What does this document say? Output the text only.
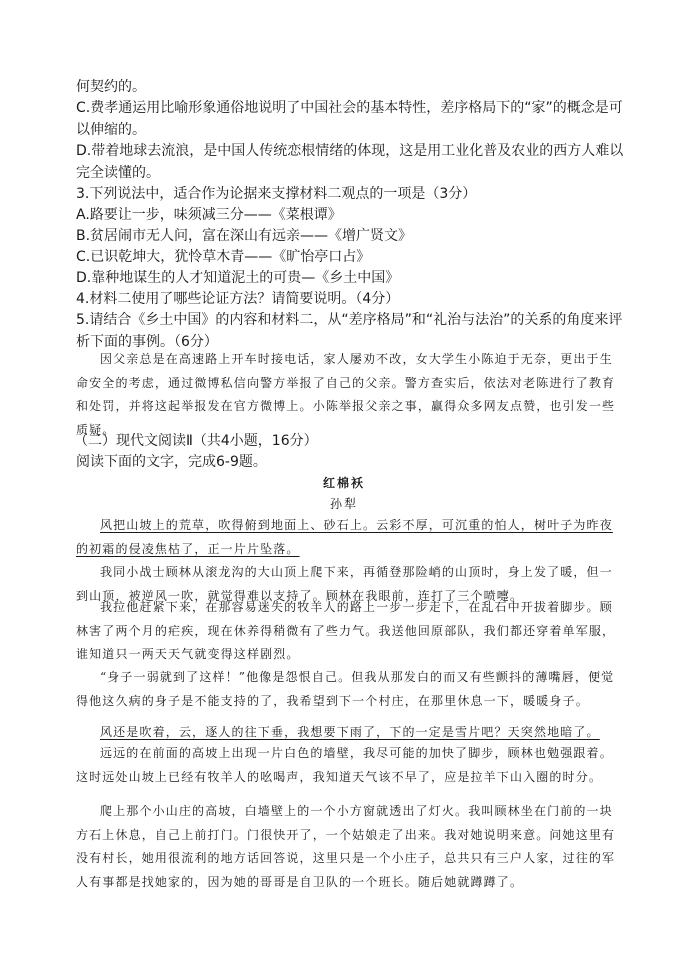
何契约的。
C.费孝通运用比喻形象通俗地说明了中国社会的基本特性，差序格局下的“家”的概念是可以伸缩的。
D.带着地球去流浪，是中国人传统恋根情绪的体现，这是用工业化普及农业的西方人难以完全读懂的。
3.下列说法中，适合作为论据来支撑材料二观点的一项是（3分）
A.路要让一步，味须减三分——《菜根谭》
B.贫居闹市无人问，富在深山有远亲——《增广贤文》
C.已识乾坤大，犹怜草木青——《旷怡亭口占》
D.靠种地谋生的人才知道泥土的可贵—《乡土中国》
4.材料二使用了哪些论证方法？请简要说明。（4分）
5.请结合《乡土中国》的内容和材料二，从“差序格局”和“礼治与法治”的关系的角度来评析下面的事例。（6分）
因父亲总是在高速路上开车时接电话，家人屡劝不改，女大学生小陈迫于无奈，更出于生命安全的考虑，通过微博私信向警方举报了自己的父亲。警方查实后，依法对老陈进行了教育和处罚，并将这起举报发在官方微博上。小陈举报父亲之事，赢得众多网友点赞，也引发一些质疑。
（二）现代文阅读Ⅱ（共4小题，16分）
阅读下面的文字，完成6-9题。
红棉袄
孙犁
风把山坡上的荒草，吹得俯到地面上、砂石上。云彩不厚，可沉重的怕人，树叶子为昨夜的初霜的侵凌焦枯了，正一片片坠落。
我同小战士顾林从滚龙沟的大山顶上爬下来，再循登那险峭的山顶时，身上发了暖，但一到山顶，被逆风一吹，就觉得难以支持了。顾林在我眼前，连打了三个喷嚏。
我拉他赶紧下来，在那容易迷失的牧羊人的路上一步一步走下，在乱石中开拔着脚步。顾林害了两个月的疟疾，现在休养得稍微有了些力气。我送他回原部队，我们都还穿着单军服，谁知道只一两天天气就变得这样剧烈。
“身子一弱就到了这样！”他像是怨恨自己。但我从那发白的而又有些颤抖的薄嘴唇，便觉得他这久病的身子是不能支持的了，我希望到下一个村庄，在那里休息一下，暖暖身子。
风还是吹着，云，逐人的往下垂，我想要下雨了，下的一定是雪片吧？天突然地暗了。
远远的在前面的高坡上出现一片白色的墙壁，我尽可能的加快了脚步，顾林也勉强跟着。这时远处山坡上已经有牧羊人的吆喝声，我知道天气该不早了，应是拉羊下山入圈的时分。
爬上那个小山庄的高坡，白墙壁上的一个小方窗就透出了灯火。我叫顾林坐在门前的一块方石上休息，自己上前打门。门很快开了，一个姑娘走了出来。我对她说明来意。问她这里有没有村长，她用很流利的地方话回答说，这里只是一个小庄子，总共只有三户人家，过往的军人有事都是找她家的，因为她的哥哥是自卫队的一个班长。随后她就蹲蹲了。
